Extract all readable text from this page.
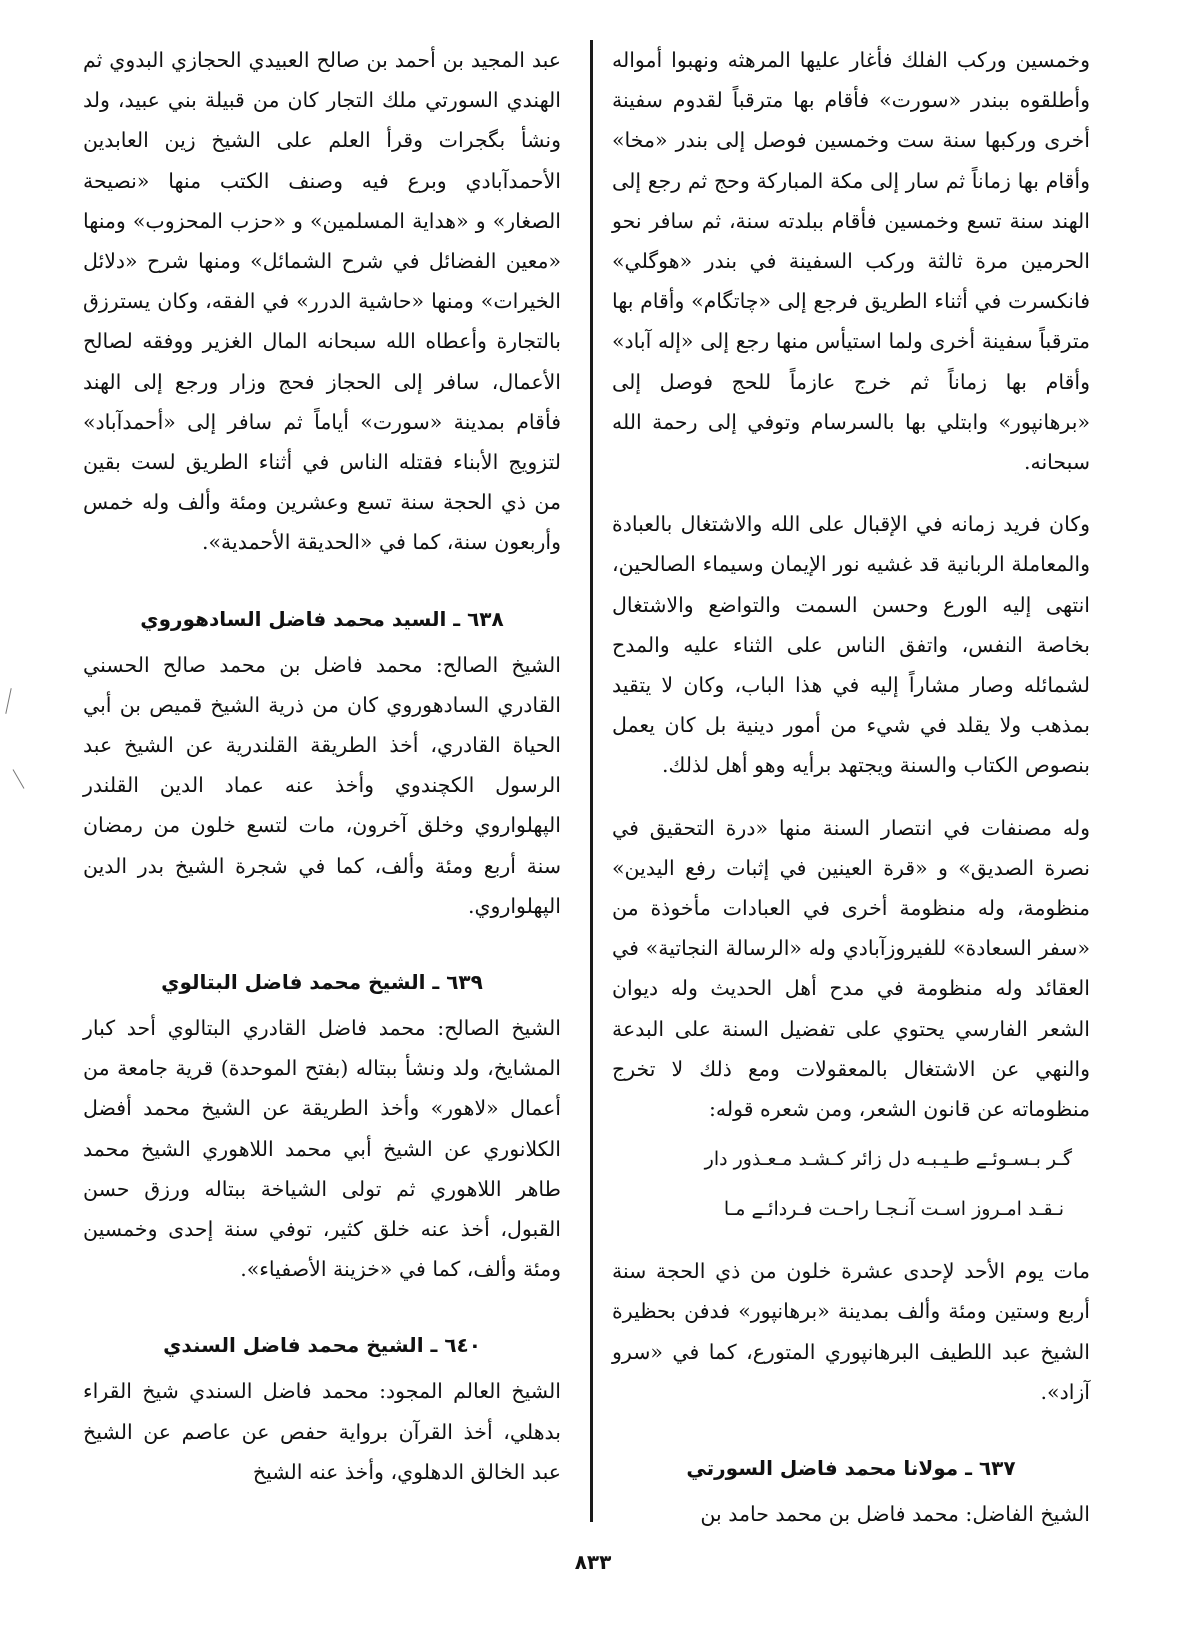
وخمسين وركب الفلك فأغار عليها المرهثه ونهبوا أمواله وأطلقوه ببندر «سورت» فأقام بها مترقباً لقدوم سفينة أخرى وركبها سنة ست وخمسين فوصل إلى بندر «مخا» وأقام بها زماناً ثم سار إلى مكة المباركة وحج ثم رجع إلى الهند سنة تسع وخمسين فأقام ببلدته سنة، ثم سافر نحو الحرمين مرة ثالثة وركب السفينة في بندر «هوگلي» فانكسرت في أثناء الطريق فرجع إلى «چاتگام» وأقام بها مترقباً سفينة أخرى ولما استيأس منها رجع إلى «إله آباد» وأقام بها زماناً ثم خرج عازماً للحج فوصل إلى «برهانپور» وابتلي بها بالسرسام وتوفي إلى رحمة الله سبحانه.

وكان فريد زمانه في الإقبال على الله والاشتغال بالعبادة والمعاملة الربانية قد غشيه نور الإيمان وسيماء الصالحين، انتهى إليه الورع وحسن السمت والتواضع والاشتغال بخاصة النفس، واتفق الناس على الثناء عليه والمدح لشمائله وصار مشاراً إليه في هذا الباب، وكان لا يتقيد بمذهب ولا يقلد في شيء من أمور دينية بل كان يعمل بنصوص الكتاب والسنة ويجتهد برأيه وهو أهل لذلك.

وله مصنفات في انتصار السنة منها «درة التحقيق في نصرة الصديق» و «قرة العينين في إثبات رفع اليدين» منظومة، وله منظومة أخرى في العبادات مأخوذة من «سفر السعادة» للفيروزآبادي وله «الرسالة النجاتية» في العقائد وله منظومة في مدح أهل الحديث وله ديوان الشعر الفارسي يحتوي على تفضيل السنة على البدعة والنهي عن الاشتغال بالمعقولات ومع ذلك لا تخرج منظوماته عن قانون الشعر، ومن شعره قوله:

گـر بـسـوئـے طـيـبـه دل زائر كـشـد مـعـذور دار
نـقـد امـروز اسـت آنـجـا راحـت فـردائـے مـا

مات يوم الأحد لإحدى عشرة خلون من ذي الحجة سنة أربع وستين ومئة وألف بمدينة «برهانپور» فدفن بحظيرة الشيخ عبد اللطيف البرهانپوري المتورع، كما في «سرو آزاد».

٦٣٧ ـ مولانا محمد فاضل السورتي

الشيخ الفاضل: محمد فاضل بن محمد حامد بن

عبد المجيد بن أحمد بن صالح العبيدي الحجازي البدوي ثم الهندي السورتي ملك التجار كان من قبيلة بني عبيد، ولد ونشأ بگجرات وقرأ العلم على الشيخ زين العابدين الأحمدآبادي وبرع فيه وصنف الكتب منها «نصيحة الصغار» و «هداية المسلمين» و «حزب المحزوب» ومنها «معين الفضائل في شرح الشمائل» ومنها شرح «دلائل الخيرات» ومنها «حاشية الدرر» في الفقه، وكان يسترزق بالتجارة وأعطاه الله سبحانه المال الغزير ووفقه لصالح الأعمال، سافر إلى الحجاز فحج وزار ورجع إلى الهند فأقام بمدينة «سورت» أياماً ثم سافر إلى «أحمدآباد» لتزويج الأبناء فقتله الناس في أثناء الطريق لست بقين من ذي الحجة سنة تسع وعشرين ومئة وألف وله خمس وأربعون سنة، كما في «الحديقة الأحمدية».

٦٣٨ ـ السيد محمد فاضل السادهوروي

الشيخ الصالح: محمد فاضل بن محمد صالح الحسني القادري السادهوروي كان من ذرية الشيخ قميص بن أبي الحياة القادري، أخذ الطريقة القلندرية عن الشيخ عبد الرسول الكچندوي وأخذ عنه عماد الدين القلندر الپهلواروي وخلق آخرون، مات لتسع خلون من رمضان سنة أربع ومئة وألف، كما في شجرة الشيخ بدر الدين الپهلواروي.

٦٣٩ ـ الشيخ محمد فاضل البتالوي

الشيخ الصالح: محمد فاضل القادري البتالوي أحد كبار المشايخ، ولد ونشأ ببتاله (بفتح الموحدة) قرية جامعة من أعمال «لاهور» وأخذ الطريقة عن الشيخ محمد أفضل الكلانوري عن الشيخ أبي محمد اللاهوري الشيخ محمد طاهر اللاهوري ثم تولى الشياخة ببتاله ورزق حسن القبول، أخذ عنه خلق كثير، توفي سنة إحدى وخمسين ومئة وألف، كما في «خزينة الأصفياء».

٦٤٠ ـ الشيخ محمد فاضل السندي

الشيخ العالم المجود: محمد فاضل السندي شيخ القراء بدهلي، أخذ القرآن برواية حفص عن عاصم عن الشيخ عبد الخالق الدهلوي، وأخذ عنه الشيخ

٨٣٣
